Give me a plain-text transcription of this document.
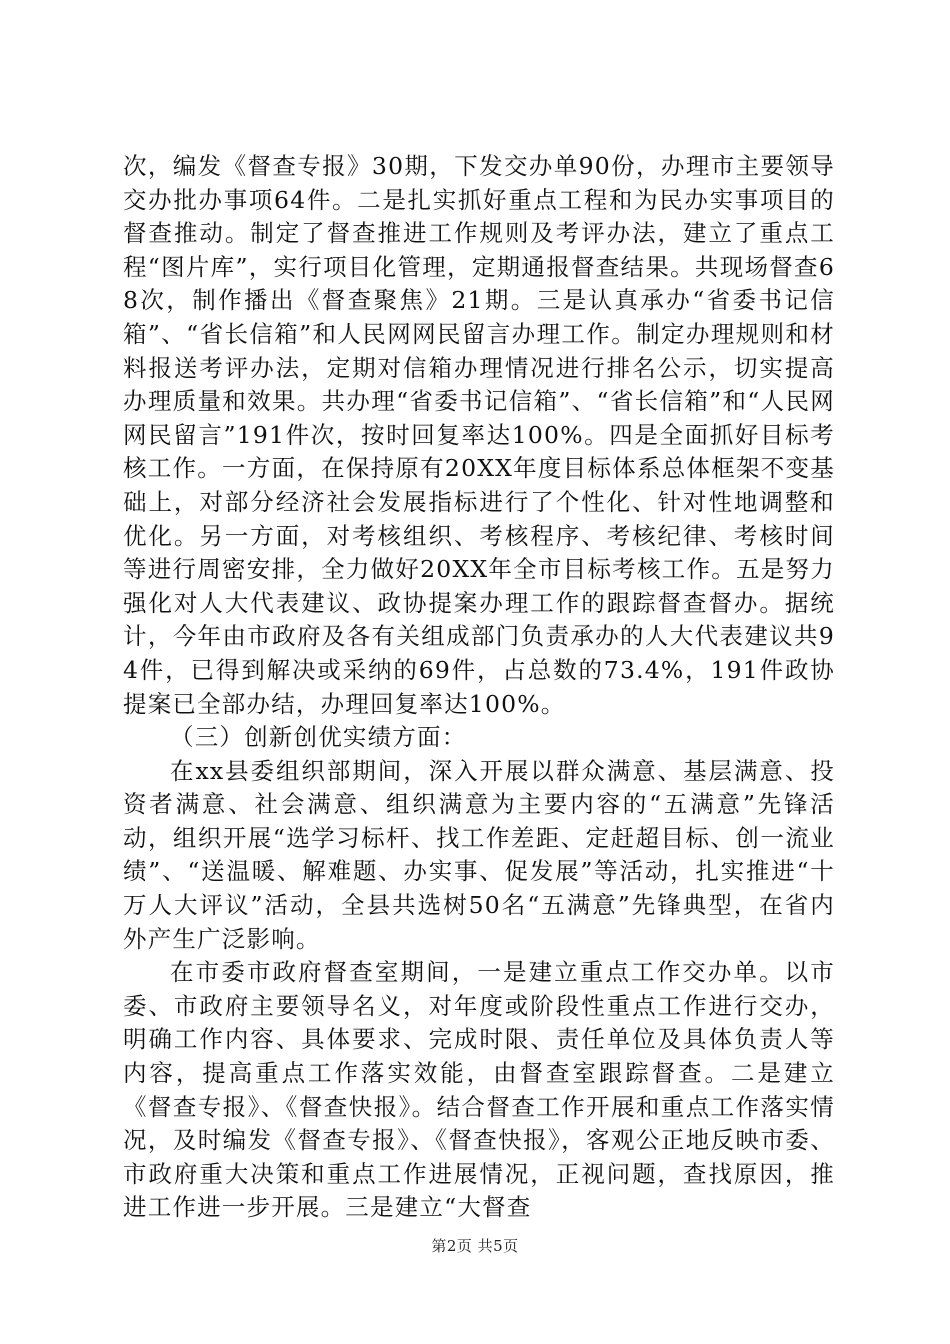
次，编发《督查专报》30期，下发交办单90份，办理市主要领导交办批办事项64件。二是扎实抓好重点工程和为民办实事项目的督查推动。制定了督查推进工作规则及考评办法，建立了重点工程“图片库”，实行项目化管理，定期通报督查结果。共现场督查68次，制作播出《督查聚焦》21期。三是认真承办“省委书记信箱”、“省长信箱”和人民网网民留言办理工作。制定办理规则和材料报送考评办法，定期对信箱办理情况进行排名公示，切实提高办理质量和效果。共办理“省委书记信箱”、“省长信箱”和“人民网网民留言”191件次，按时回复率达100%。四是全面抓好目标考核工作。一方面，在保持原有20XX年度目标体系总体框架不变基础上，对部分经济社会发展指标进行了个性化、针对性地调整和优化。另一方面，对考核组织、考核程序、考核纪律、考核时间等进行周密安排，全力做好20XX年全市目标考核工作。五是努力强化对人大代表建议、政协提案办理工作的跟踪督查督办。据统计，今年由市政府及各有关组成部门负责承办的人大代表建议共94件，已得到解决或采纳的69件，占总数的73.4%，191件政协提案已全部办结，办理回复率达100%。

（三）创新创优实绩方面：

在xx县委组织部期间，深入开展以群众满意、基层满意、投资者满意、社会满意、组织满意为主要内容的“五满意”先锋活动，组织开展“选学习标杆、找工作差距、定赶超目标、创一流业绩”、“送温暖、解难题、办实事、促发展”等活动，扎实推进“十万人大评议”活动，全县共选树50名“五满意”先锋典型，在省内外产生广泛影响。

在市委市政府督查室期间，一是建立重点工作交办单。以市委、市政府主要领导名义，对年度或阶段性重点工作进行交办，明确工作内容、具体要求、完成时限、责任单位及具体负责人等内容，提高重点工作落实效能，由督查室跟踪督查。二是建立《督查专报》、《督查快报》。结合督查工作开展和重点工作落实情况，及时编发《督查专报》、《督查快报》，客观公正地反映市委、市政府重大决策和重点工作进展情况，正视问题，查找原因，推进工作进一步开展。三是建立“大督查

第2页 共5页
